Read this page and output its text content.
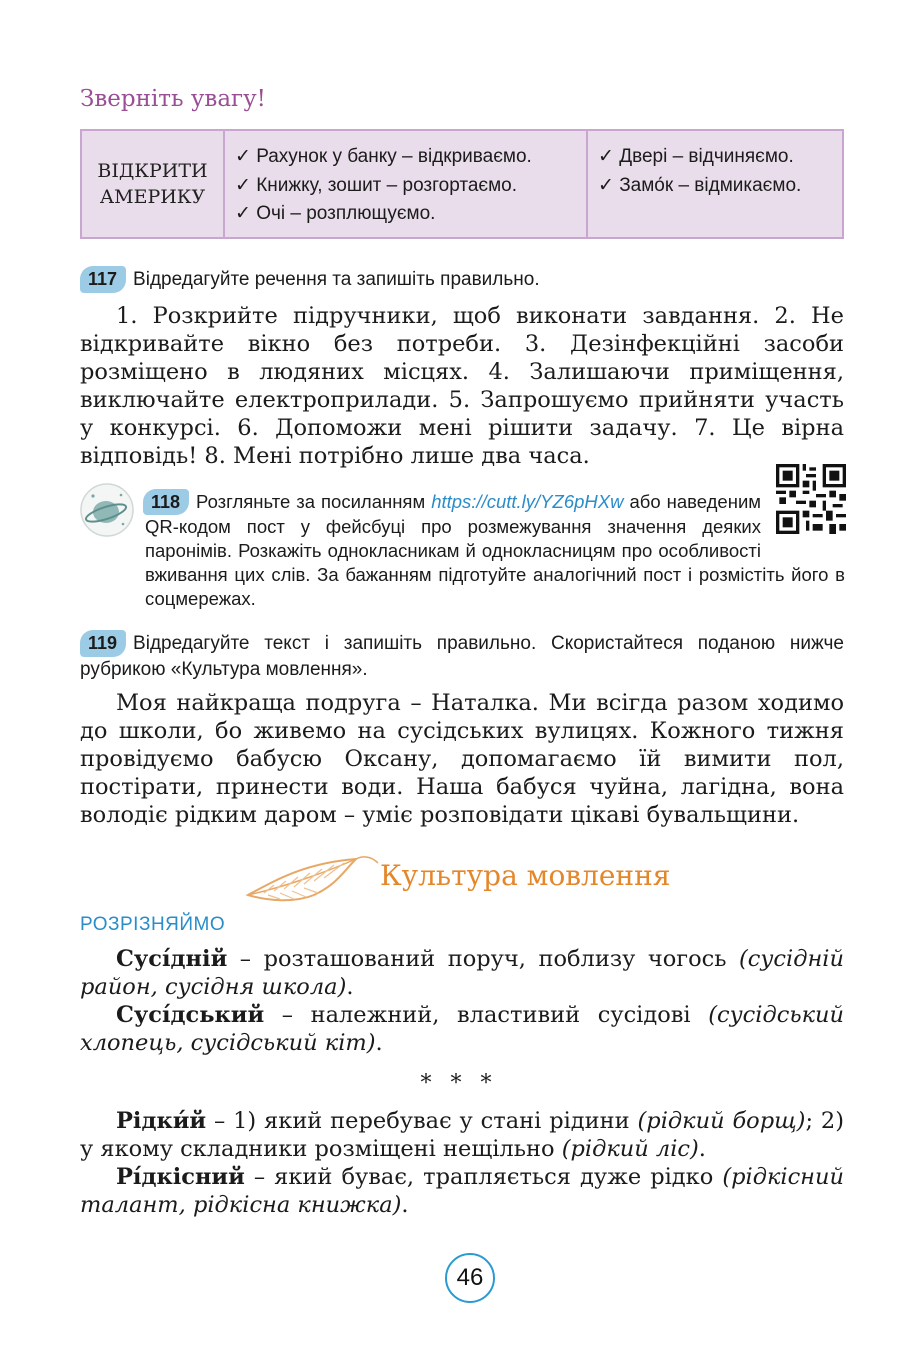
Зверніть увагу!
ВІДКРИТИ АМЕРИКУ
✓ Рахунок у банку – відкриваємо.
✓ Книжку, зошит – розгортаємо.
✓ Очі – розплющуємо.
✓ Двері – відчиняємо.
✓ Замо́к – відмикаємо.
117 Відредагуйте речення та запишіть правильно.
1. Розкрийте підручники, щоб виконати завдання. 2. Не відкривайте вікно без потреби. 3. Дезінфекційні засоби розміщено в людяних місцях. 4. Залишаючи приміщення, виключайте електроприлади. 5. Запрошуємо прийняти участь у конкурсі. 6. Допоможи мені рішити задачу. 7. Це вірна відповідь! 8. Мені потрібно лише два часа.
118 Розгляньте за посиланням https://cutt.ly/YZ6pHXw або наведеним QR-кодом пост у фейсбуці про розмежування значення деяких паронімів. Розкажіть однокласникам й однокласницям про особливості вживання цих слів. За бажанням підготуйте аналогічний пост і розмістіть його в соцмережах.
119 Відредагуйте текст і запишіть правильно. Скористайтеся поданою нижче рубрикою «Культура мовлення».
Моя найкраща подруга – Наталка. Ми всігда разом ходимо до школи, бо живемо на сусідських вулицях. Кожного тижня провідуємо бабусю Оксану, допомагаємо їй вимити пол, постірати, принести води. Наша бабуся чуйна, лагідна, вона володіє рідким даром – уміє розповідати цікаві бувальщини.
Культура мовлення
РОЗРІЗНЯЙМО
Сусі́дній – розташований поруч, поблизу чогось (сусідній район, сусідня школа).
Сусі́дський – належний, властивий сусідові (сусідський хлопець, сусідський кіт).
* * *
Рідки́й – 1) який перебуває у стані рідини (рідкий борщ); 2) у якому складники розміщені нещільно (рідкий ліс).
Рі́дкісний – який буває, трапляється дуже рідко (рідкісний талант, рідкісна книжка).
46
